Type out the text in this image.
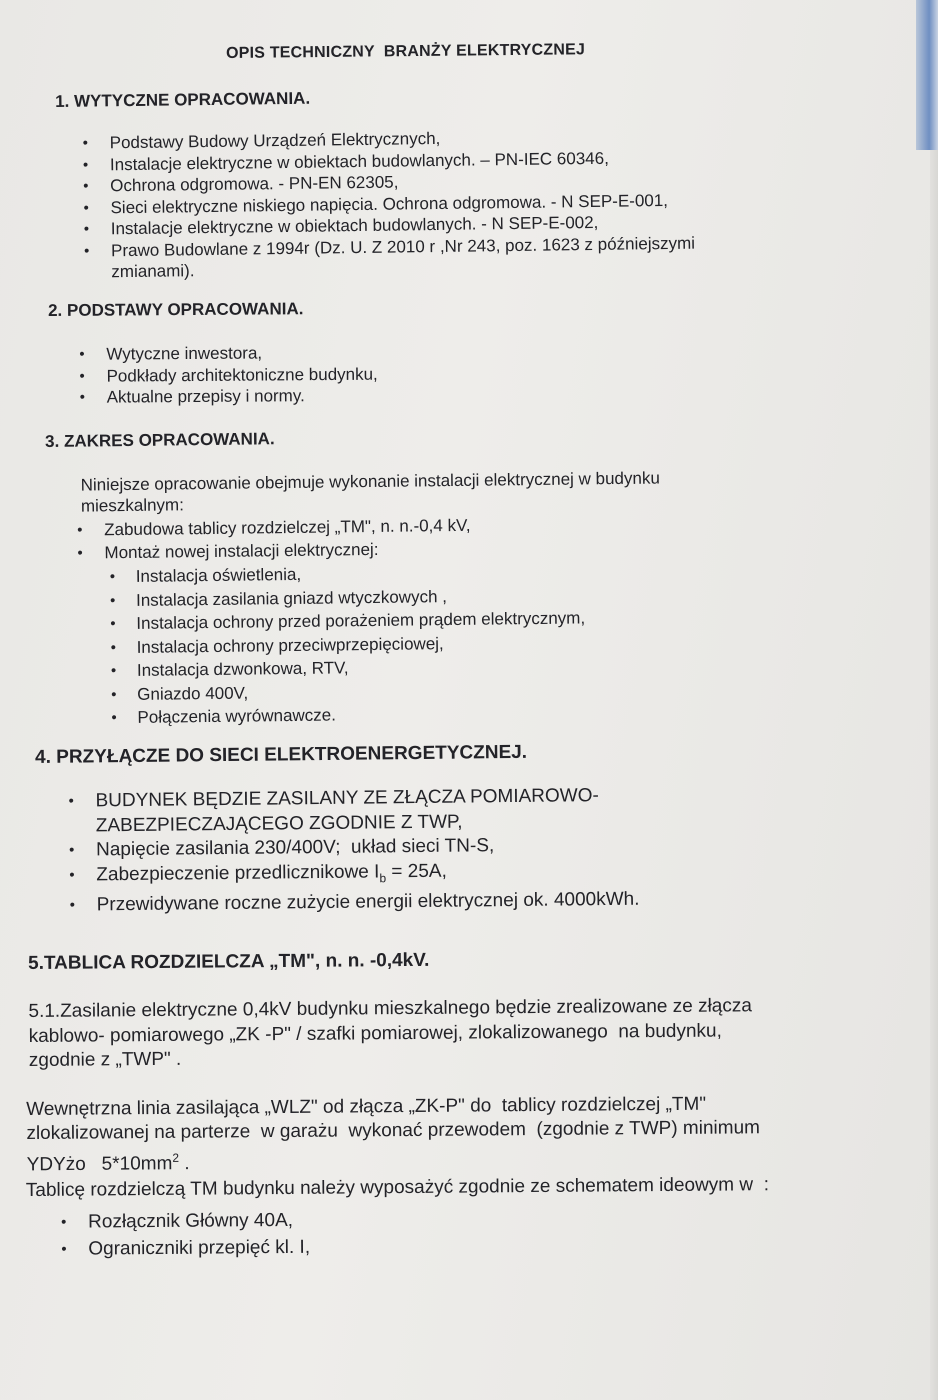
OPIS TECHNICZNY  BRANŻY ELEKTRYCZNEJ
1. WYTYCZNE OPRACOWANIA.
• Podstawy Budowy Urządzeń Elektrycznych,
• Instalacje elektryczne w obiektach budowlanych. – PN-IEC 60346,
• Ochrona odgromowa. - PN-EN 62305,
• Sieci elektryczne niskiego napięcia. Ochrona odgromowa. - N SEP-E-001,
• Instalacje elektryczne w obiektach budowlanych. - N SEP-E-002,
• Prawo Budowlane z 1994r (Dz. U. Z 2010 r ,Nr 243, poz. 1623 z późniejszymi
zmianami).
2. PODSTAWY OPRACOWANIA.
• Wytyczne inwestora,
• Podkłady architektoniczne budynku,
• Aktualne przepisy i normy.
3. ZAKRES OPRACOWANIA.
Niniejsze opracowanie obejmuje wykonanie instalacji elektrycznej w budynku
mieszkalnym:
• Zabudowa tablicy rozdzielczej „TM", n. n.-0,4 kV,
• Montaż nowej instalacji elektrycznej:
• Instalacja oświetlenia,
• Instalacja zasilania gniazd wtyczkowych ,
• Instalacja ochrony przed porażeniem prądem elektrycznym,
• Instalacja ochrony przeciwprzepięciowej,
• Instalacja dzwonkowa, RTV,
• Gniazdo 400V,
• Połączenia wyrównawcze.
4. PRZYŁĄCZE DO SIECI ELEKTROENERGETYCZNEJ.
• BUDYNEK BĘDZIE ZASILANY ZE ZŁĄCZA POMIAROWO-
ZABEZPIECZAJĄCEGO ZGODNIE Z TWP,
• Napięcie zasilania 230/400V;  układ sieci TN-S,
• Zabezpieczenie przedlicznikowe $I_b = 25A$,
• Przewidywane roczne zużycie energii elektrycznej ok. 4000kWh.
5.TABLICA ROZDZIELCZA „TM", n. n. -0,4kV.
5.1.Zasilanie elektryczne 0,4kV budynku mieszkalnego będzie zrealizowane ze złącza
kablowo- pomiarowego „ZK -P" / szafki pomiarowej, zlokalizowanego  na budynku,
zgodnie z „TWP" .
Wewnętrzna linia zasilająca „WLZ" od złącza „ZK-P" do  tablicy rozdzielczej „TM"
zlokalizowanej na parterze  w garażu  wykonać przewodem  (zgodnie z TWP) minimum
YDYżo   $5*10mm^2$ .
Tablicę rozdzielczą TM budynku należy wyposażyć zgodnie ze schematem ideowym w  :
• Rozłącznik Główny 40A,
• Ograniczniki przepięć kl. I,
